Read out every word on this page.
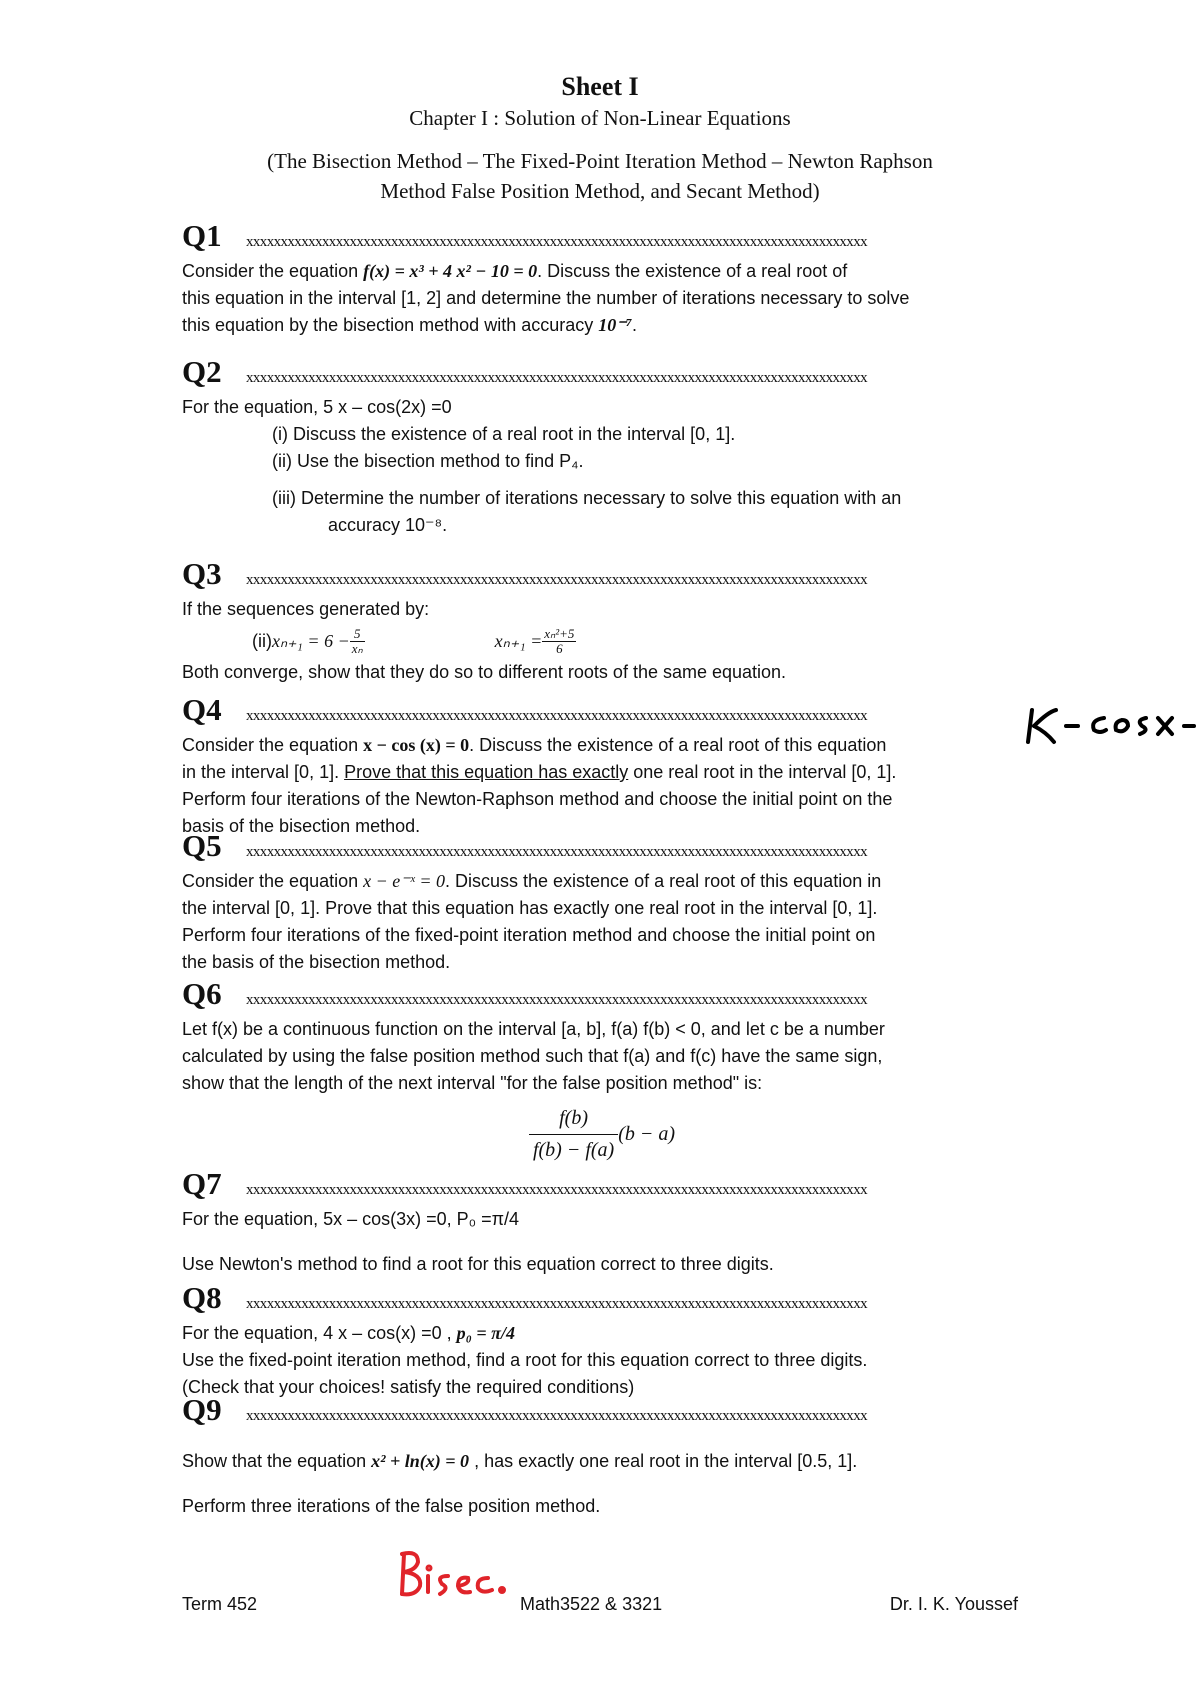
Sheet I
Chapter I : Solution of Non-Linear Equations
(The Bisection Method – The Fixed-Point Iteration Method – Newton Raphson
Method False Position Method, and Secant Method)
Q1	xxxxxxxxxxxxxxxxxxxxxxxxxxxxxxxxxxxxxxxxxxxxxxxxxxxxxxxxxxxxxxxxxxxxxxxxxxxxxxxxxxxxxxxxxx
Consider the equation f(x) = x³ + 4 x² − 10 = 0. Discuss the existence of a real root of
this equation in the interval [1, 2] and determine the number of iterations necessary to solve
this equation by the bisection method with accuracy 10⁻⁷.
Q2	xxxxxxxxxxxxxxxxxxxxxxxxxxxxxxxxxxxxxxxxxxxxxxxxxxxxxxxxxxxxxxxxxxxxxxxxxxxxxxxxxxxxxxxxxx
For the equation, 5 x – cos(2x) =0
(i) Discuss the existence of a real root in the interval [0, 1].
(ii) Use the bisection method to find P₄.
(iii) Determine the number of iterations necessary to solve this equation with an
accuracy 10⁻⁸.
Q3	xxxxxxxxxxxxxxxxxxxxxxxxxxxxxxxxxxxxxxxxxxxxxxxxxxxxxxxxxxxxxxxxxxxxxxxxxxxxxxxxxxxxxxxxxx
If the sequences generated by:
(ii) $x_{n+1} = 6 - \frac{5}{\text{xₙ}}$	$x_{n+1} = \frac{\text{xₙ²+5}}{6}$
Both converge, show that they do so to different roots of the same equation.
Q4	xxxxxxxxxxxxxxxxxxxxxxxxxxxxxxxxxxxxxxxxxxxxxxxxxxxxxxxxxxxxxxxxxxxxxxxxxxxxxxxxxxxxxxxxxx
Consider the equation x − cos (x) = 0. Discuss the existence of a real root of this equation
in the interval [0, 1]. Prove that this equation has exactly one real root in the interval [0, 1].
Perform four iterations of the Newton-Raphson method and choose the initial point on the
basis of the bisection method.
Q5	xxxxxxxxxxxxxxxxxxxxxxxxxxxxxxxxxxxxxxxxxxxxxxxxxxxxxxxxxxxxxxxxxxxxxxxxxxxxxxxxxxxxxxxxxx
Consider the equation x − e⁻ˣ = 0. Discuss the existence of a real root of this equation in
the interval [0, 1]. Prove that this equation has exactly one real root in the interval [0, 1].
Perform four iterations of the fixed-point iteration method and choose the initial point on
the basis of the bisection method.
Q6	xxxxxxxxxxxxxxxxxxxxxxxxxxxxxxxxxxxxxxxxxxxxxxxxxxxxxxxxxxxxxxxxxxxxxxxxxxxxxxxxxxxxxxxxxx
Let f(x) be a continuous function on the interval [a, b], f(a) f(b) < 0, and let c be a number
calculated by using the false position method such that f(a) and f(c) have the same sign,
show that the length of the next interval "for the false position method" is:
$\frac{f(b)}{f(b) - f(a)} (b - a)$
Q7	xxxxxxxxxxxxxxxxxxxxxxxxxxxxxxxxxxxxxxxxxxxxxxxxxxxxxxxxxxxxxxxxxxxxxxxxxxxxxxxxxxxxxxxxxx
For the equation, 5x – cos(3x) =0, P₀ =π/4
Use Newton's method to find a root for this equation correct to three digits.
Q8	xxxxxxxxxxxxxxxxxxxxxxxxxxxxxxxxxxxxxxxxxxxxxxxxxxxxxxxxxxxxxxxxxxxxxxxxxxxxxxxxxxxxxxxxxx
For the equation, 4 x – cos(x) =0 , p₀ = π/4
Use the fixed-point iteration method, find a root for this equation correct to three digits.
(Check that your choices! satisfy the required conditions)
Q9	xxxxxxxxxxxxxxxxxxxxxxxxxxxxxxxxxxxxxxxxxxxxxxxxxxxxxxxxxxxxxxxxxxxxxxxxxxxxxxxxxxxxxxxxxx
Show that the equation x² + ln(x) = 0 , has exactly one real root in the interval [0.5, 1].
Perform three iterations of the false position method.
Term 452	Math3522 & 3321	Dr. I. K. Youssef
